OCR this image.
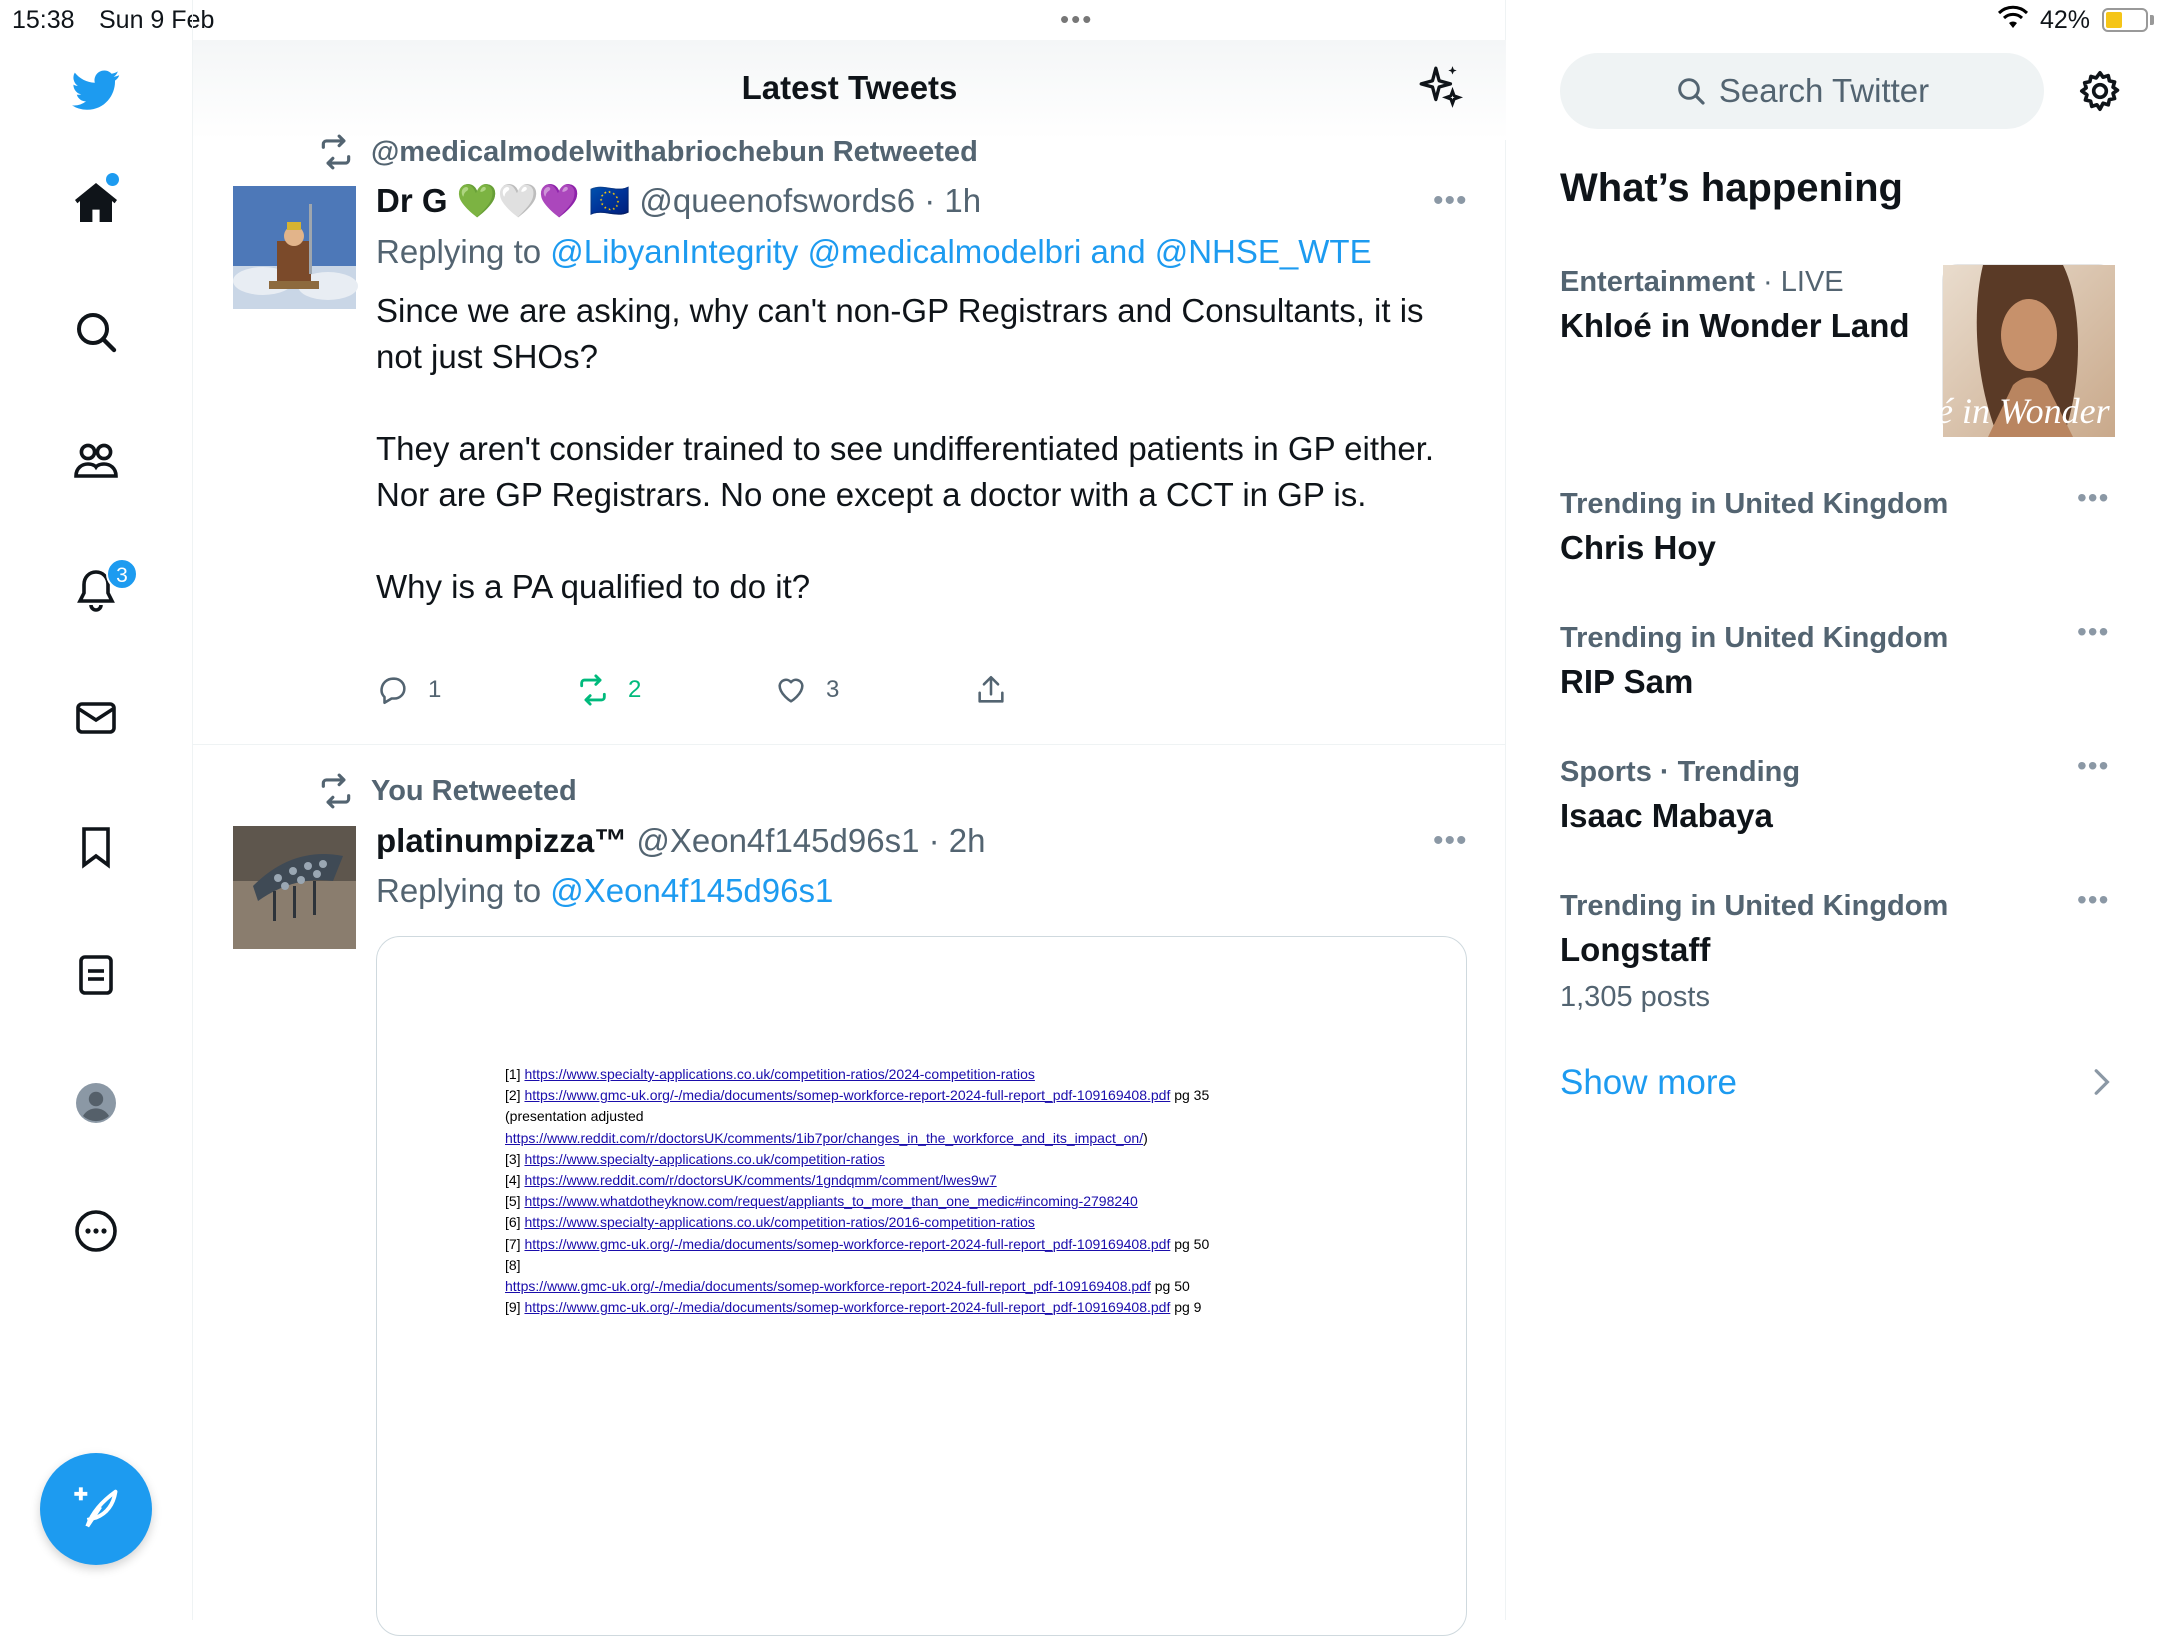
15:38 Sun 9 Feb	•••	42%
3
Latest Tweets
@medicalmodelwithabriochebun Retweeted
Dr G 💚🤍💜 🇪🇺 @queenofswords6 · 1h	•••
Replying to @LibyanIntegrity @medicalmodelbri and @NHSE_WTE

Since we are asking, why can't non-GP Registrars and Consultants, it is not just SHOs?

They aren't consider trained to see undifferentiated patients in GP either. Nor are GP Registrars. No one except a doctor with a CCT in GP is.

Why is a PA qualified to do it?

1	2	3
You Retweeted
platinumpizza™ @Xeon4f145d96s1 · 2h	•••
Replying to @Xeon4f145d96s1
[1] https://www.specialty-applications.co.uk/competition-ratios/2024-competition-ratios
[2] https://www.gmc-uk.org/-/media/documents/somep-workforce-report-2024-full-report_pdf-109169408.pdf pg 35
(presentation adjusted
https://www.reddit.com/r/doctorsUK/comments/1ib7por/changes_in_the_workforce_and_its_impact_on/)
[3] https://www.specialty-applications.co.uk/competition-ratios
[4] https://www.reddit.com/r/doctorsUK/comments/1gndqmm/comment/lwes9w7
[5] https://www.whatdotheyknow.com/request/appliants_to_more_than_one_medic#incoming-2798240
[6] https://www.specialty-applications.co.uk/competition-ratios/2016-competition-ratios
[7] https://www.gmc-uk.org/-/media/documents/somep-workforce-report-2024-full-report_pdf-109169408.pdf pg 50
[8]
https://www.gmc-uk.org/-/media/documents/somep-workforce-report-2024-full-report_pdf-109169408.pdf pg 50
[9] https://www.gmc-uk.org/-/media/documents/somep-workforce-report-2024-full-report_pdf-109169408.pdf pg 9
Search Twitter
What’s happening
Entertainment · LIVE
Khloé in Wonder Land
é in Wonder L
Trending in United Kingdom
Chris Hoy
•••
Trending in United Kingdom
RIP Sam
•••
Sports · Trending
Isaac Mabaya
•••
Trending in United Kingdom
Longstaff
1,305 posts
•••
Show more
